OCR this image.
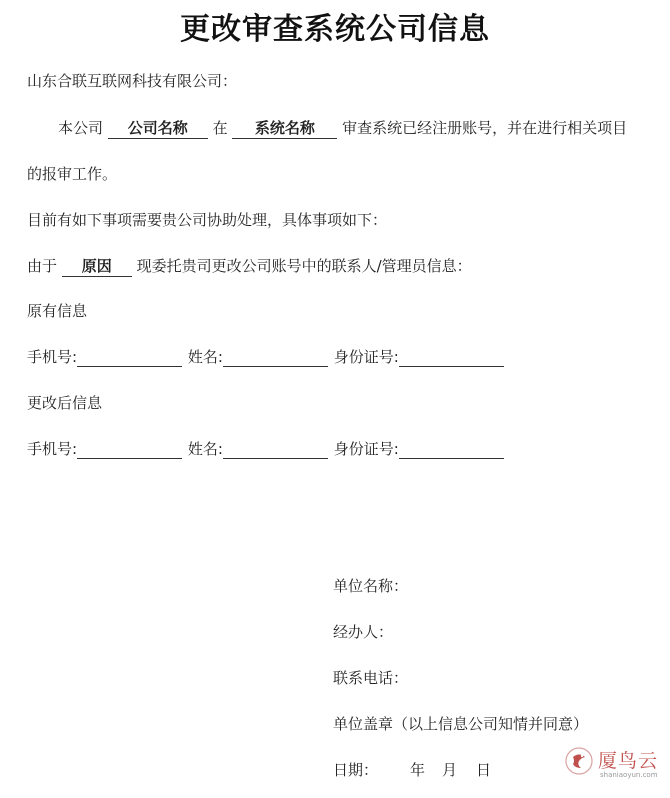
更改审查系统公司信息
山东合联互联网科技有限公司：
本公司 公司名称 在 系统名称 审查系统已经注册账号，并在进行相关项目
的报审工作。
目前有如下事项需要贵公司协助处理，具体事项如下：
由于 原因 现委托贵司更改公司账号中的联系人/管理员信息：
原有信息
手机号:	姓名:	身份证号:
更改后信息
手机号:	姓名:	身份证号:
单位名称：
经办人：
联系电话：
单位盖章（以上信息公司知情并同意）
日期： 年 月 日	厦鸟云
shaniaoyun.com
